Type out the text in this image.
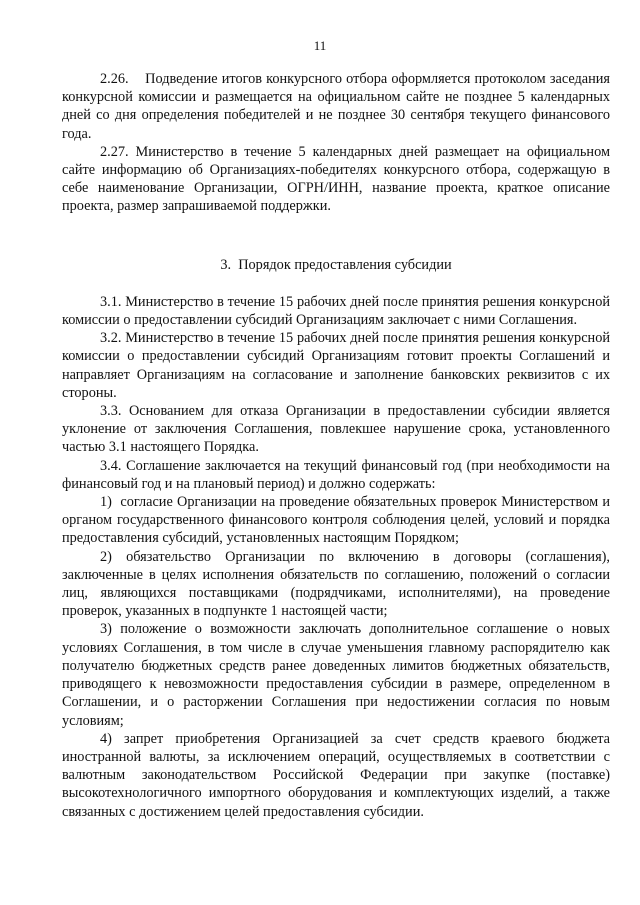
11

2.26.    Подведение итогов конкурсного отбора оформляется протоколом заседания конкурсной комиссии и размещается на официальном сайте не позднее 5 календарных дней со дня определения победителей и не позднее 30 сентября текущего финансового года.

2.27. Министерство в течение 5 календарных дней размещает на официальном сайте информацию об Организациях-победителях конкурсного отбора, содержащую в себе наименование Организации, ОГРН/ИНН, название проекта, краткое описание проекта, размер запрашиваемой поддержки.

3.  Порядок предоставления субсидии

3.1. Министерство в течение 15 рабочих дней после принятия решения конкурсной комиссии о предоставлении субсидий Организациям заключает с ними Соглашения.

3.2. Министерство в течение 15 рабочих дней после принятия решения конкурсной комиссии о предоставлении субсидий Организациям готовит проекты Соглашений и направляет Организациям на согласование и заполнение банковских реквизитов с их стороны.

3.3. Основанием для отказа Организации в предоставлении субсидии является уклонение от заключения Соглашения, повлекшее нарушение срока, установленного частью 3.1 настоящего Порядка.

3.4. Соглашение заключается на текущий финансовый год (при необходимости на финансовый год и на плановый период) и должно содержать:

1)  согласие Организации на проведение обязательных проверок Министерством и органом государственного финансового контроля соблюдения целей, условий и порядка предоставления субсидий, установленных настоящим Порядком;

2) обязательство Организации по включению в договоры (соглашения), заключенные в целях исполнения обязательств по соглашению, положений о согласии лиц, являющихся поставщиками (подрядчиками, исполнителями), на проведение проверок, указанных в подпункте 1 настоящей части;

3) положение о возможности заключать дополнительное соглашение о новых условиях Соглашения, в том числе в случае уменьшения главному распорядителю как получателю бюджетных средств ранее доведенных лимитов бюджетных обязательств, приводящего к невозможности предоставления субсидии в размере, определенном в Соглашении, и о расторжении Соглашения при недостижении согласия по новым условиям;

4) запрет приобретения Организацией за счет средств краевого бюджета иностранной валюты, за исключением операций, осуществляемых в соответствии с валютным законодательством Российской Федерации при закупке (поставке) высокотехнологичного импортного оборудования и комплектующих изделий, а также связанных с достижением целей предоставления субсидии.
